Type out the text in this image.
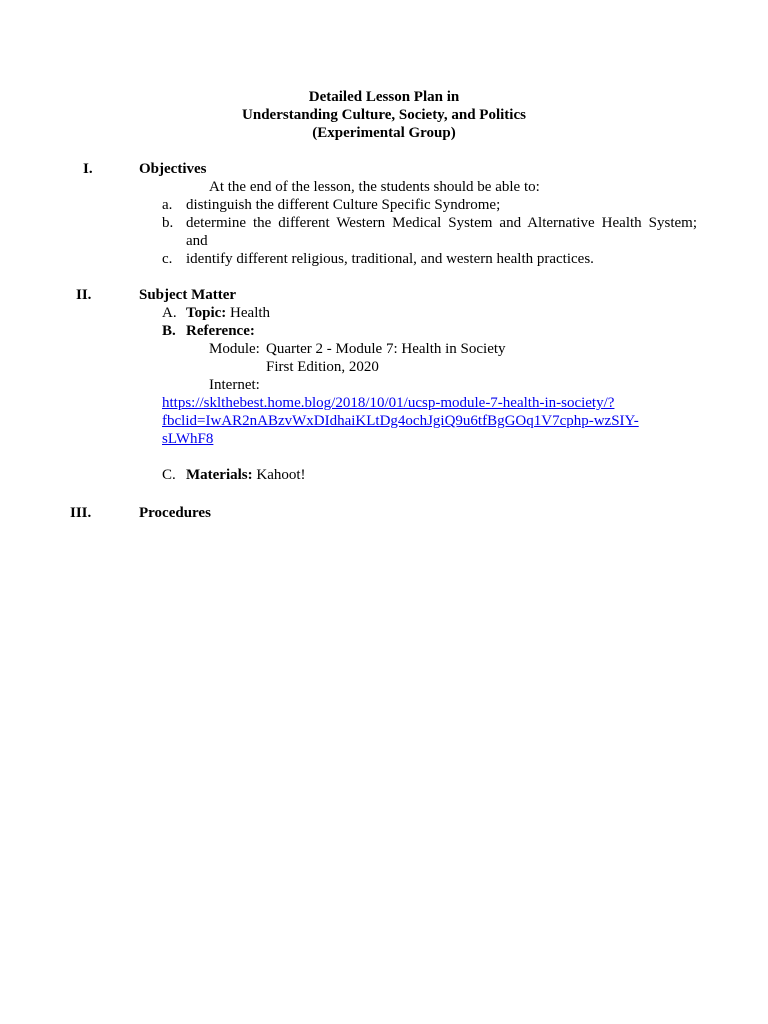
Detailed Lesson Plan in
Understanding Culture, Society, and Politics
(Experimental Group)
I.	Objectives
At the end of the lesson, the students should be able to:
a. distinguish the different Culture Specific Syndrome;
b. determine the different Western Medical System and Alternative Health System;
and
c. identify different religious, traditional, and western health practices.
II.	Subject Matter
A. Topic: Health
B. Reference:
Module: Quarter 2 - Module 7: Health in Society
First Edition, 2020
Internet:
https://sklthebest.home.blog/2018/10/01/ucsp-module-7-health-in-society/?
fbclid=IwAR2nABzvWxDIdhaiKLtDg4ochJgiQ9u6tfBgGOq1V7cphp-wzSIY-
sLWhF8
C. Materials: Kahoot!
III.	Procedures
